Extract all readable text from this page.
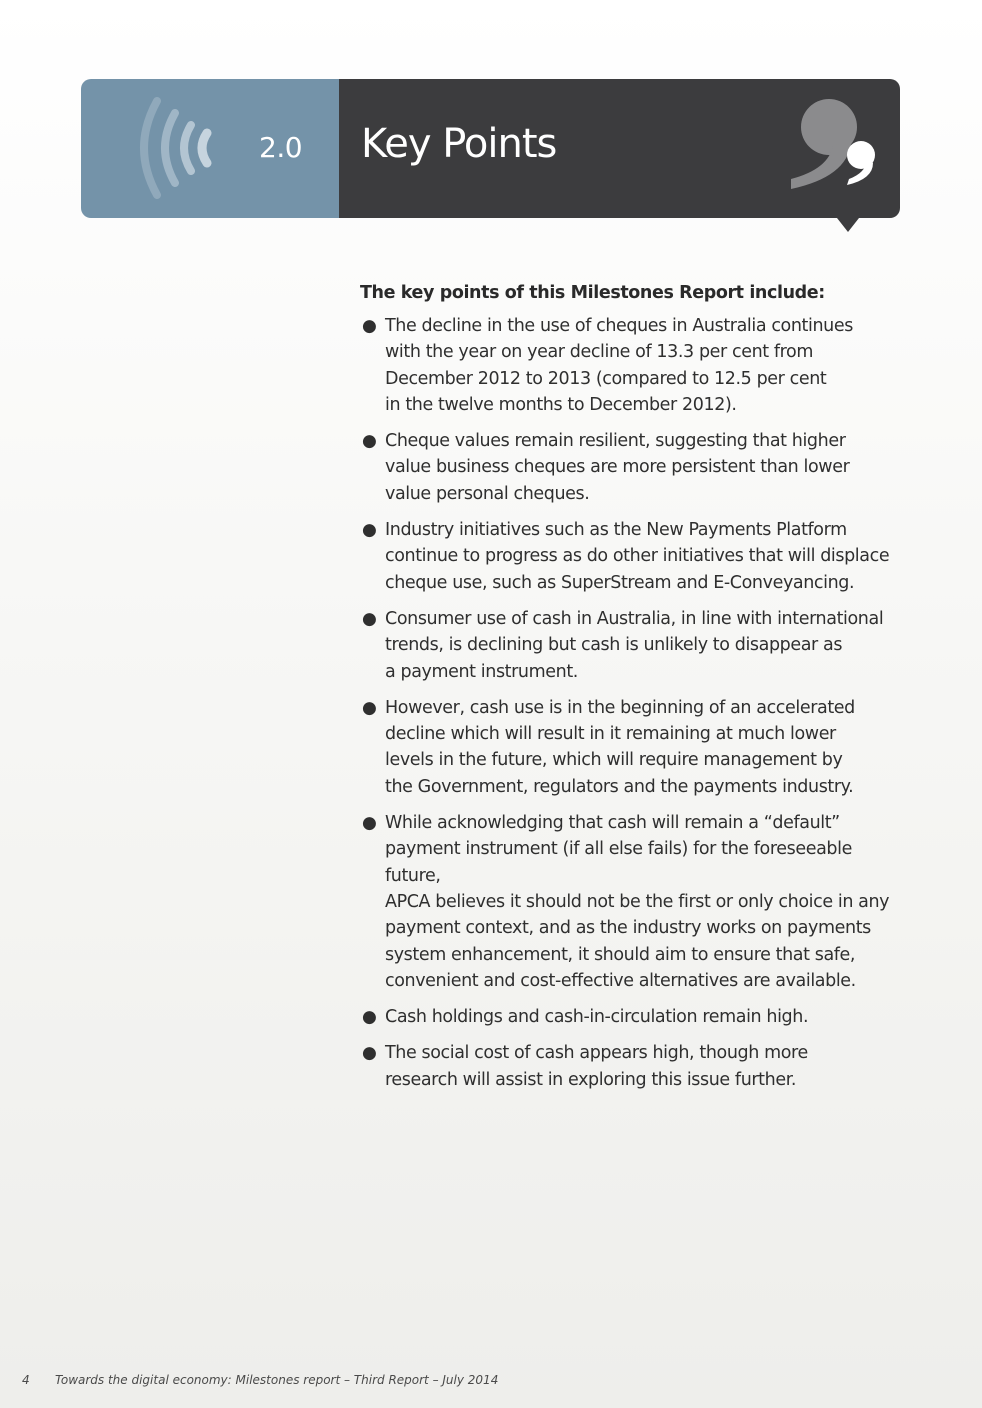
2.0 Key Points

The key points of this Milestones Report include:

● The decline in the use of cheques in Australia continues
with the year on year decline of 13.3 per cent from
December 2012 to 2013 (compared to 12.5 per cent
in the twelve months to December 2012).
● Cheque values remain resilient, suggesting that higher
value business cheques are more persistent than lower
value personal cheques.
● Industry initiatives such as the New Payments Platform
continue to progress as do other initiatives that will displace
cheque use, such as SuperStream and E-Conveyancing.
● Consumer use of cash in Australia, in line with international
trends, is declining but cash is unlikely to disappear as
a payment instrument.
● However, cash use is in the beginning of an accelerated
decline which will result in it remaining at much lower
levels in the future, which will require management by
the Government, regulators and the payments industry.
● While acknowledging that cash will remain a “default”
payment instrument (if all else fails) for the foreseeable future,
APCA believes it should not be the first or only choice in any
payment context, and as the industry works on payments
system enhancement, it should aim to ensure that safe,
convenient and cost-effective alternatives are available.
● Cash holdings and cash-in-circulation remain high.
● The social cost of cash appears high, though more
research will assist in exploring this issue further.
4 Towards the digital economy: Milestones report – Third Report – July 2014
